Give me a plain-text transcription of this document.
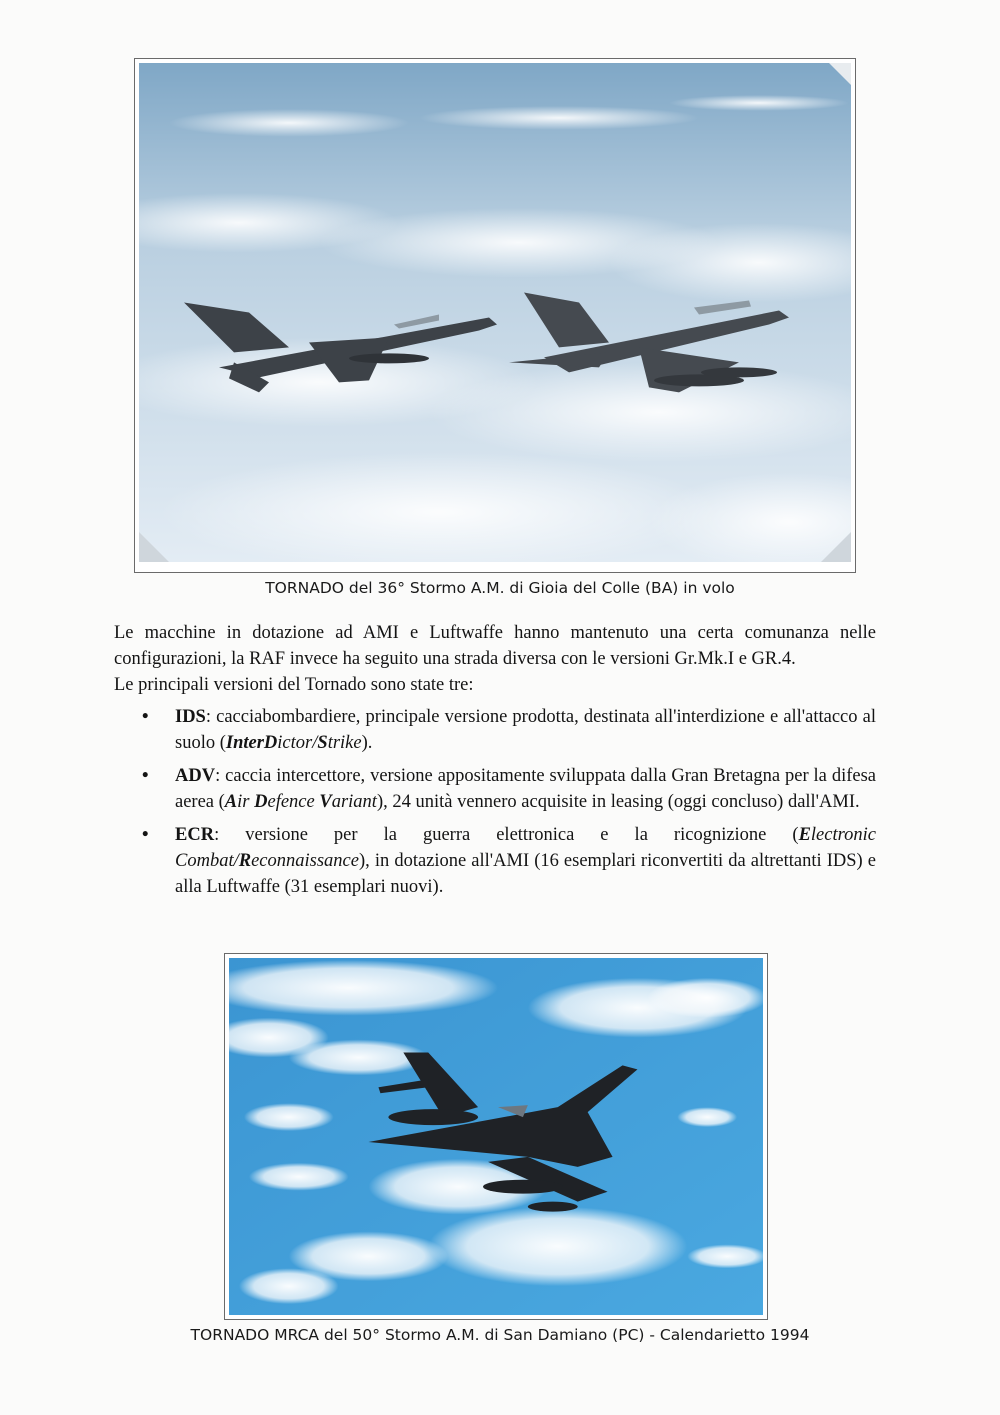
TORNADO del 36° Stormo A.M. di Gioia del Colle (BA) in volo

Le macchine in dotazione ad AMI e Luftwaffe hanno mantenuto una certa comunanza nelle configurazioni, la RAF invece ha seguito una strada diversa con le versioni Gr.Mk.I e GR.4.

Le principali versioni del Tornado sono state tre:

• IDS: cacciabombardiere, principale versione prodotta, destinata all'interdizione e all'attacco al suolo (InterDictor/Strike).
• ADV: caccia intercettore, versione appositamente sviluppata dalla Gran Bretagna per la difesa aerea (Air Defence Variant), 24 unità vennero acquisite in leasing (oggi concluso) dall'AMI.
• ECR: versione per la guerra elettronica e la ricognizione (Electronic Combat/Reconnaissance), in dotazione all'AMI (16 esemplari riconvertiti da altrettanti IDS) e alla Luftwaffe (31 esemplari nuovi).
TORNADO MRCA del 50° Stormo A.M. di San Damiano (PC) - Calendarietto 1994
